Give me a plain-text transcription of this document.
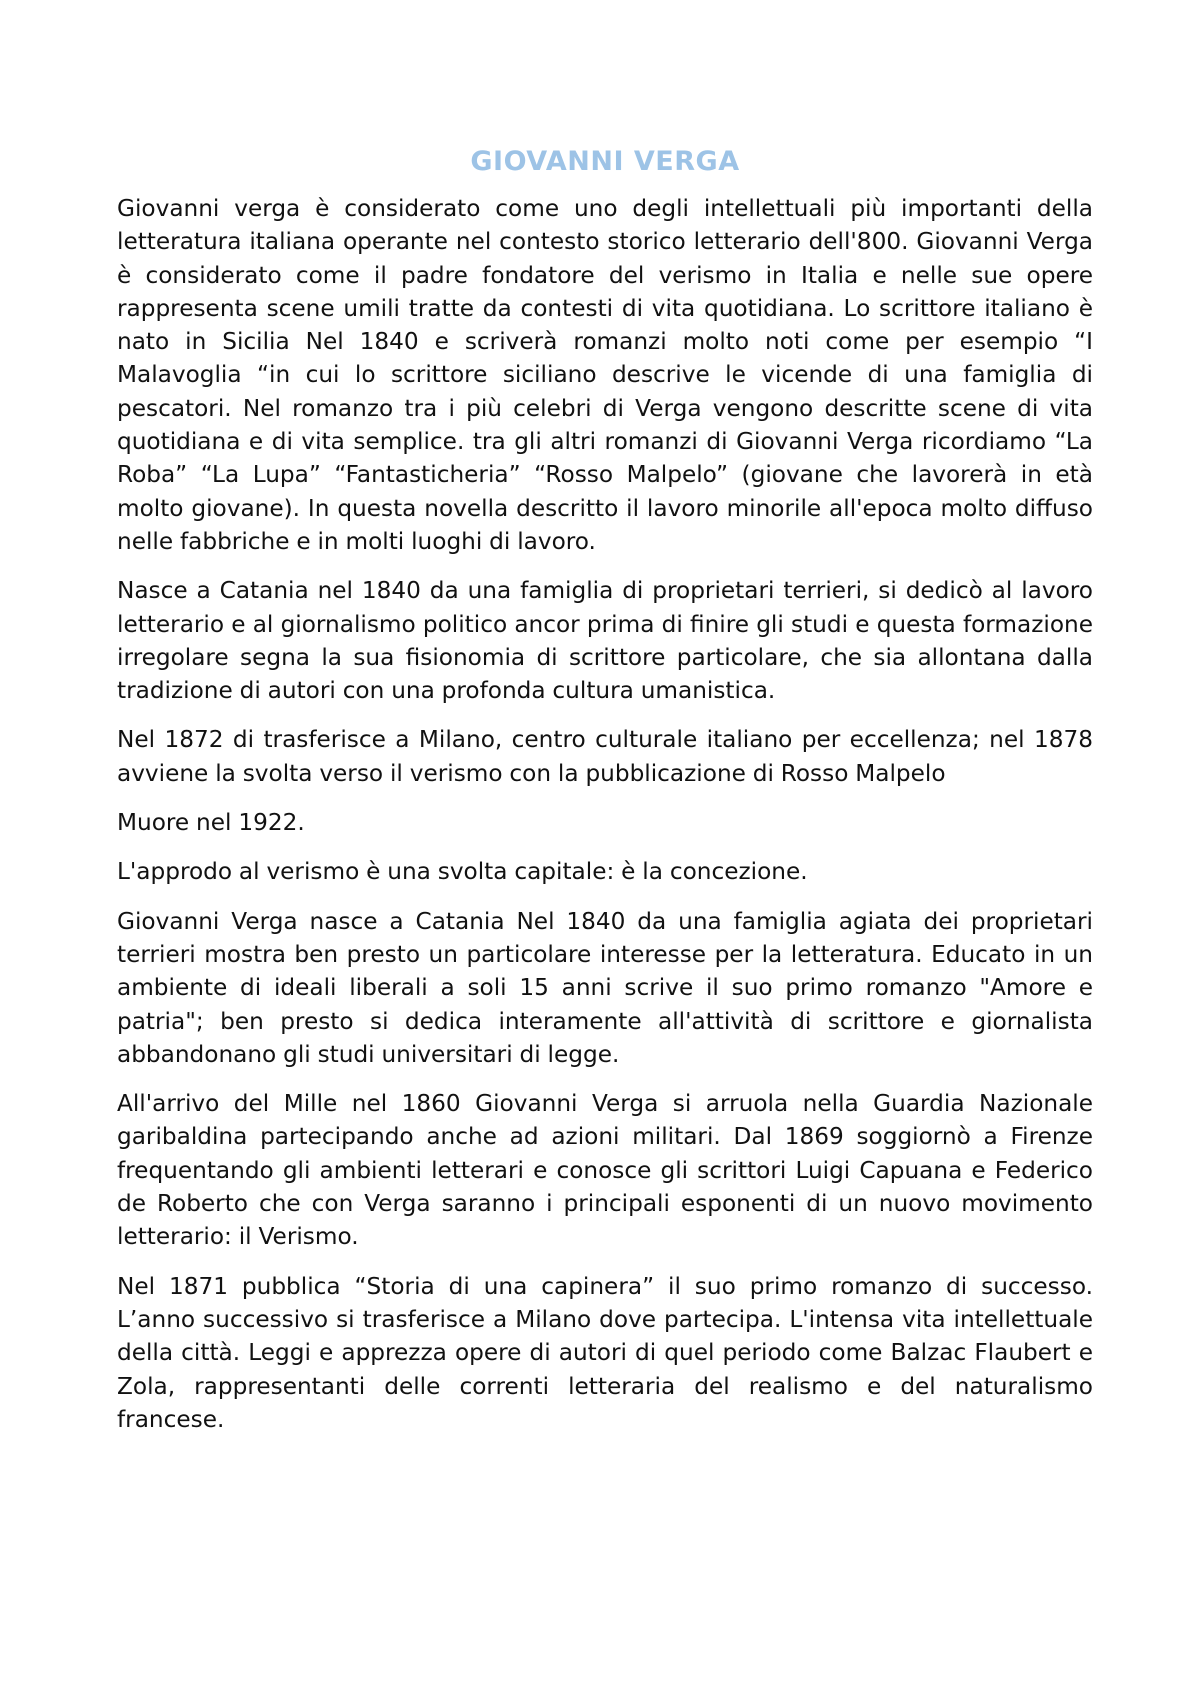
GIOVANNI VERGA

Giovanni verga è considerato come uno degli intellettuali più importanti della letteratura italiana operante nel contesto storico letterario dell'800. Giovanni Verga è considerato come il padre fondatore del verismo in Italia e nelle sue opere rappresenta scene umili tratte da contesti di vita quotidiana. Lo scrittore italiano è nato in Sicilia Nel 1840 e scriverà romanzi molto noti come per esempio “I Malavoglia “in cui lo scrittore siciliano descrive le vicende di una famiglia di pescatori. Nel romanzo tra i più celebri di Verga vengono descritte scene di vita quotidiana e di vita semplice. tra gli altri romanzi di Giovanni Verga ricordiamo “La Roba” “La Lupa” “Fantasticheria” “Rosso Malpelo” (giovane che lavorerà in età molto giovane). In questa novella descritto il lavoro minorile all'epoca molto diffuso nelle fabbriche e in molti luoghi di lavoro.

Nasce a Catania nel 1840 da una famiglia di proprietari terrieri, si dedicò al lavoro letterario e al giornalismo politico ancor prima di finire gli studi e questa formazione irregolare segna la sua fisionomia di scrittore particolare, che sia allontana dalla tradizione di autori con una profonda cultura umanistica.

Nel 1872 di trasferisce a Milano, centro culturale italiano per eccellenza; nel 1878 avviene la svolta verso il verismo con la pubblicazione di Rosso Malpelo

Muore nel 1922.

L'approdo al verismo è una svolta capitale: è la concezione.

Giovanni Verga nasce a Catania Nel 1840 da una famiglia agiata dei proprietari terrieri mostra ben presto un particolare interesse per la letteratura. Educato in un ambiente di ideali liberali a soli 15 anni scrive il suo primo romanzo "Amore e patria"; ben presto si dedica interamente all'attività di scrittore e giornalista abbandonano gli studi universitari di legge.

All'arrivo del Mille nel 1860 Giovanni Verga si arruola nella Guardia Nazionale garibaldina partecipando anche ad azioni militari. Dal 1869 soggiornò a Firenze frequentando gli ambienti letterari e conosce gli scrittori Luigi Capuana e Federico de Roberto che con Verga saranno i principali esponenti di un nuovo movimento letterario: il Verismo.

Nel 1871 pubblica “Storia di una capinera” il suo primo romanzo di successo. L’anno successivo si trasferisce a Milano dove partecipa. L'intensa vita intellettuale della città. Leggi e apprezza opere di autori di quel periodo come Balzac Flaubert e Zola, rappresentanti delle correnti letteraria del realismo e del naturalismo francese.
